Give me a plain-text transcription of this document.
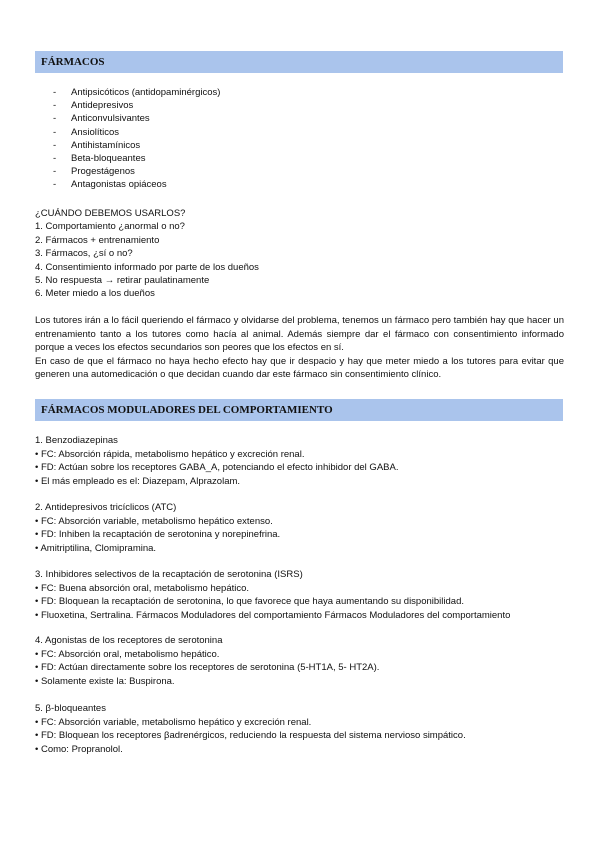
FÁRMACOS
-	Antipsicóticos (antidopaminérgicos)
-	Antidepresivos
-	Anticonvulsivantes
-	Ansiolíticos
-	Antihistamínicos
-	Beta-bloqueantes
-	Progestágenos
-	Antagonistas opiáceos
¿CUÁNDO DEBEMOS USARLOS?
1. Comportamiento ¿anormal o no?
2. Fármacos + entrenamiento
3. Fármacos, ¿sí o no?
4. Consentimiento informado por parte de los dueños
5. No respuesta → retirar paulatinamente
6. Meter miedo a los dueños

Los tutores irán a lo fácil queriendo el fármaco y olvidarse del problema, tenemos un fármaco pero también hay que hacer un entrenamiento tanto a los tutores como hacía al animal. Además siempre dar el fármaco con consentimiento informado porque a veces los efectos secundarios son peores que los efectos en sí.

En caso de que el fármaco no haya hecho efecto hay que ir despacio y hay que meter miedo a los tutores para evitar que generen una automedicación o que decidan cuando dar este fármaco sin consentimiento clínico.

FÁRMACOS MODULADORES DEL COMPORTAMIENTO
1. Benzodiazepinas
• FC: Absorción rápida, metabolismo hepático y excreción renal.
• FD: Actúan sobre los receptores GABA_A, potenciando el efecto inhibidor del GABA.
• El más empleado es el: Diazepam, Alprazolam.
2. Antidepresivos tricíclicos (ATC)
• FC: Absorción variable, metabolismo hepático extenso.
• FD: Inhiben la recaptación de serotonina y norepinefrina.
• Amitriptilina, Clomipramina.
3. Inhibidores selectivos de la recaptación de serotonina (ISRS)
• FC: Buena absorción oral, metabolismo hepático.
• FD: Bloquean la recaptación de serotonina, lo que favorece que haya aumentando su disponibilidad.
• Fluoxetina, Sertralina. Fármacos Moduladores del comportamiento Fármacos Moduladores del comportamiento
4. Agonistas de los receptores de serotonina
• FC: Absorción oral, metabolismo hepático.
• FD: Actúan directamente sobre los receptores de serotonina (5-HT1A, 5- HT2A).
• Solamente existe la: Buspirona.
5. β-bloqueantes
• FC: Absorción variable, metabolismo hepático y excreción renal.
• FD: Bloquean los receptores βadrenérgicos, reduciendo la respuesta del sistema nervioso simpático.
• Como: Propranolol.
